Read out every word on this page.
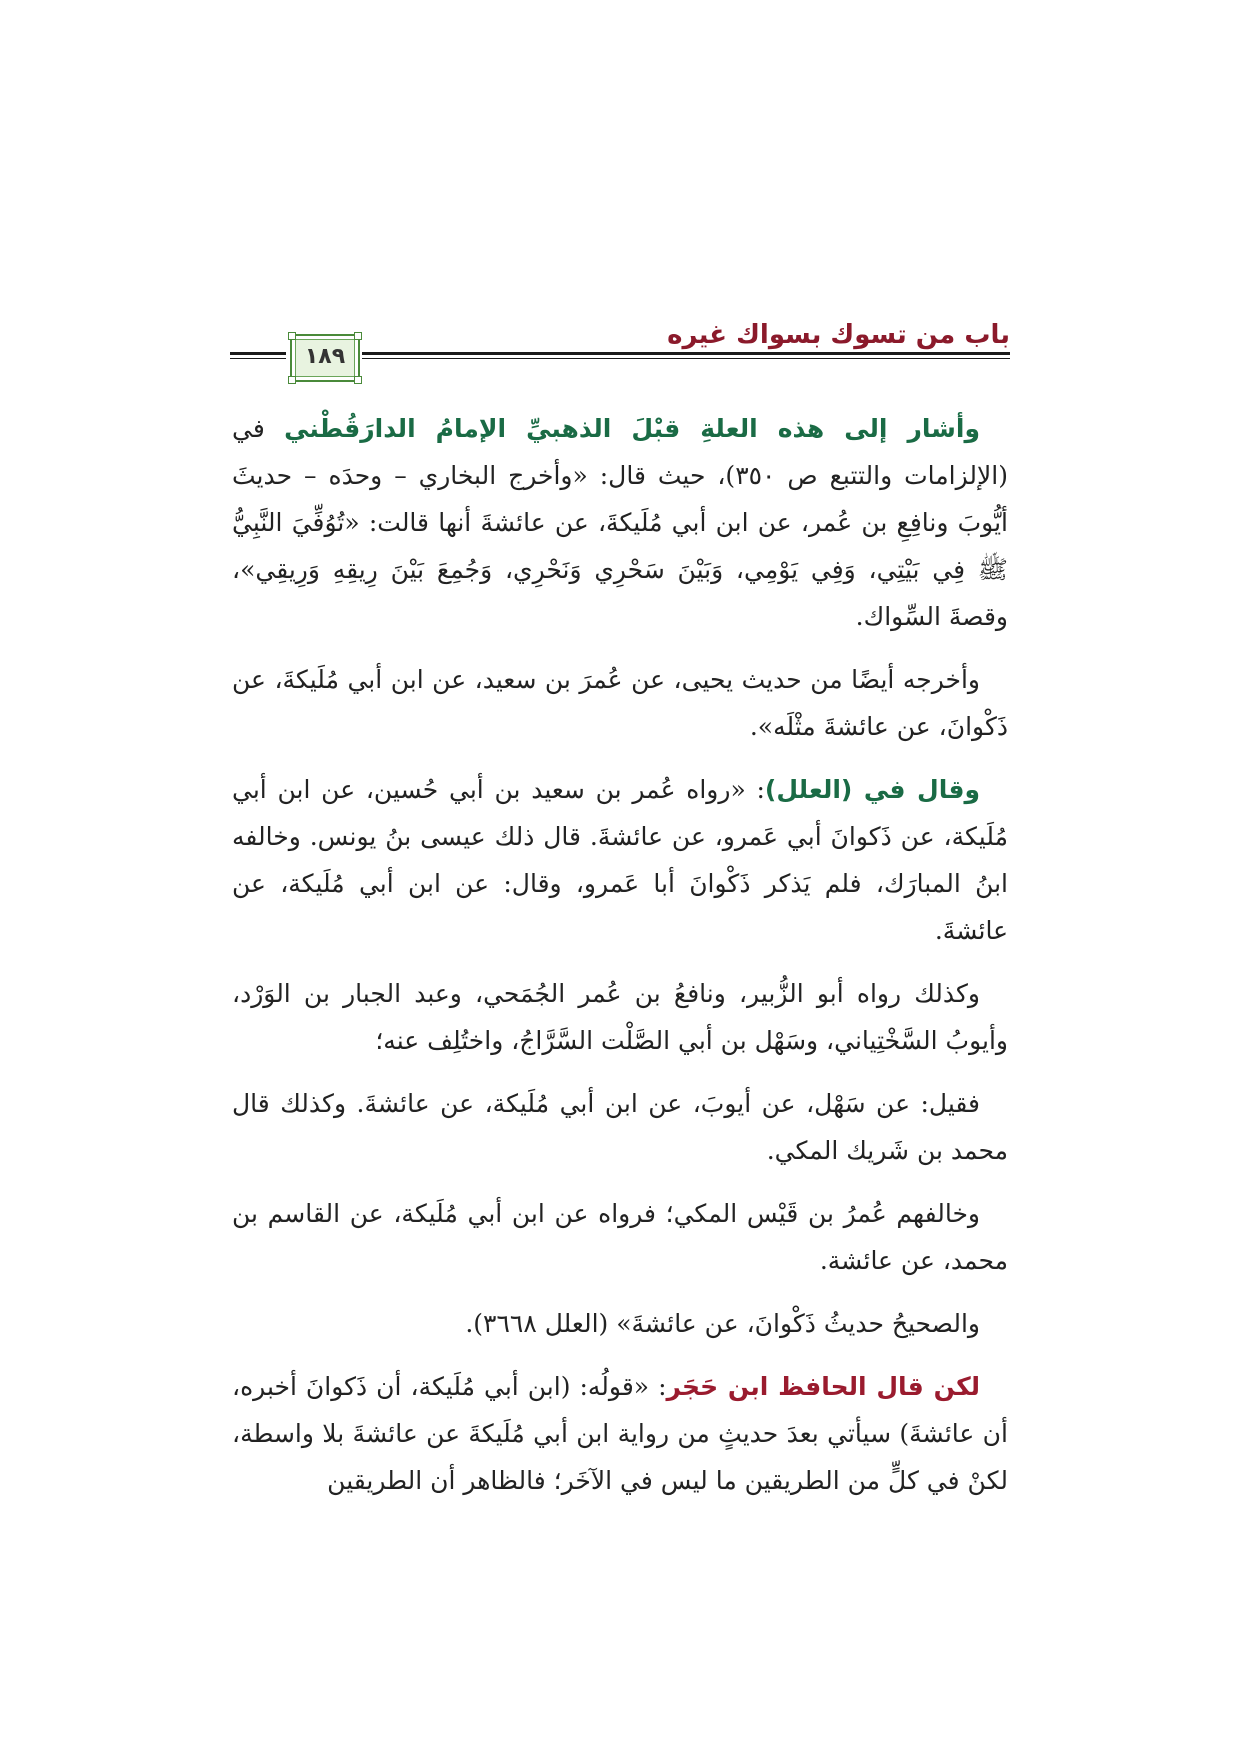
باب من تسوك بسواك غيره
١٨٩

وأشار إلى هذه العلةِ قبْلَ الذهبيِّ الإمامُ الدارَقُطْني في (الإلزامات والتتبع ص ٣٥٠)، حيث قال: «وأخرج البخاري – وحدَه – حديثَ أيُّوبَ ونافِعِ بن عُمر، عن ابن أبي مُلَيكةَ، عن عائشةَ أنها قالت: «تُوُفِّيَ النَّبِيُّ ﷺ فِي بَيْتِي، وَفِي يَوْمِي، وَبَيْنَ سَحْرِي وَنَحْرِي، وَجُمِعَ بَيْنَ رِيقِهِ وَرِيقِي»، وقصةَ السِّواك.

وأخرجه أيضًا من حديث يحيى، عن عُمرَ بن سعيد، عن ابن أبي مُلَيكةَ، عن ذَكْوانَ، عن عائشةَ مثْلَه».

وقال في (العلل): «رواه عُمر بن سعيد بن أبي حُسين، عن ابن أبي مُلَيكة، عن ذَكوانَ أبي عَمرو، عن عائشةَ. قال ذلك عيسى بنُ يونس. وخالفه ابنُ المبارَك، فلم يَذكر ذَكْوانَ أبا عَمرو، وقال: عن ابن أبي مُلَيكة، عن عائشةَ.

وكذلك رواه أبو الزُّبير، ونافعُ بن عُمر الجُمَحي، وعبد الجبار بن الوَرْد، وأيوبُ السَّخْتِياني، وسَهْل بن أبي الصَّلْت السَّرَّاجُ، واختُلِف عنه؛

فقيل: عن سَهْل، عن أيوبَ، عن ابن أبي مُلَيكة، عن عائشةَ. وكذلك قال محمد بن شَريك المكي.

وخالفهم عُمرُ بن قَيْس المكي؛ فرواه عن ابن أبي مُلَيكة، عن القاسم بن محمد، عن عائشة.

والصحيحُ حديثُ ذَكْوانَ، عن عائشةَ» (العلل ٣٦٦٨).

لكن قال الحافظ ابن حَجَر: «قولُه: (ابن أبي مُلَيكة، أن ذَكوانَ أخبره، أن عائشةَ) سيأتي بعدَ حديثٍ من رواية ابن أبي مُلَيكةَ عن عائشةَ بلا واسطة، لكنْ في كلٍّ من الطريقين ما ليس في الآخَر؛ فالظاهر أن الطريقين
